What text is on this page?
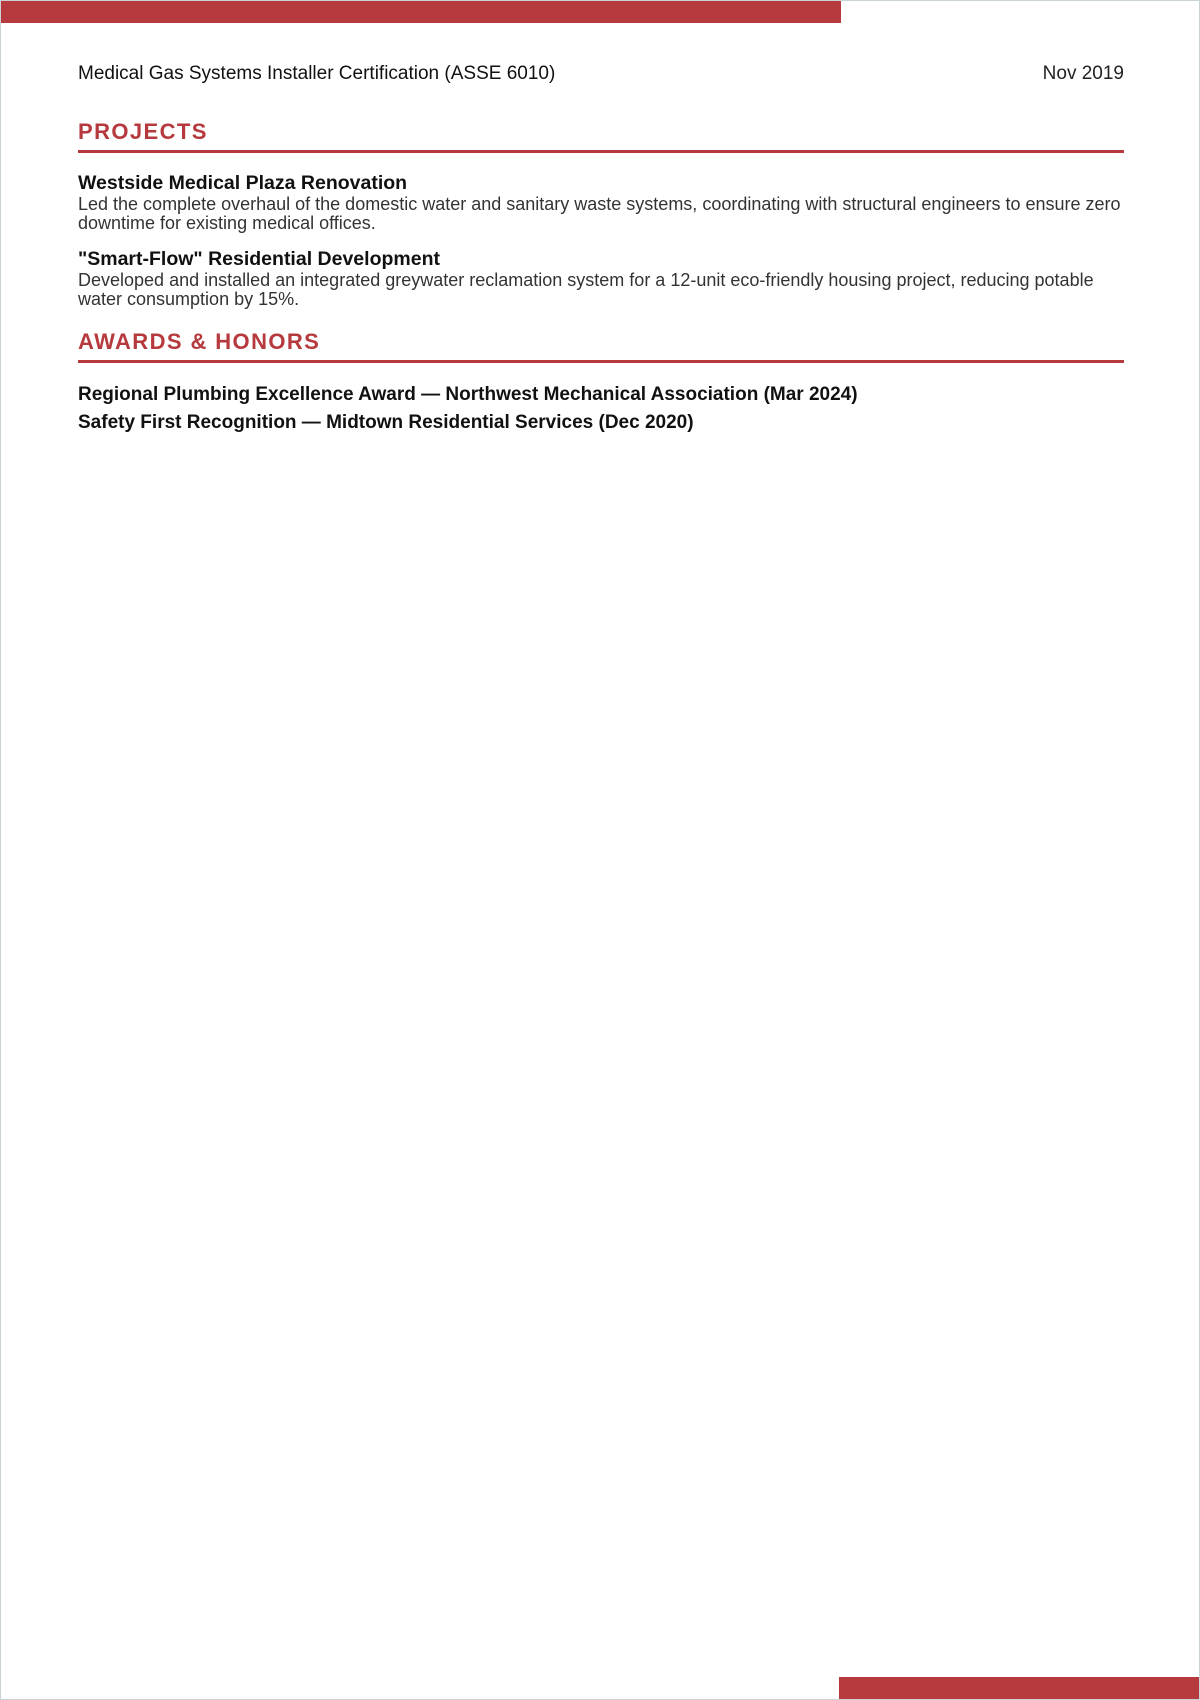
Medical Gas Systems Installer Certification (ASSE 6010)	Nov 2019
PROJECTS
Westside Medical Plaza Renovation
Led the complete overhaul of the domestic water and sanitary waste systems, coordinating with structural engineers to ensure zero downtime for existing medical offices.
"Smart-Flow" Residential Development
Developed and installed an integrated greywater reclamation system for a 12-unit eco-friendly housing project, reducing potable water consumption by 15%.
AWARDS & HONORS
Regional Plumbing Excellence Award — Northwest Mechanical Association (Mar 2024)
Safety First Recognition — Midtown Residential Services (Dec 2020)
